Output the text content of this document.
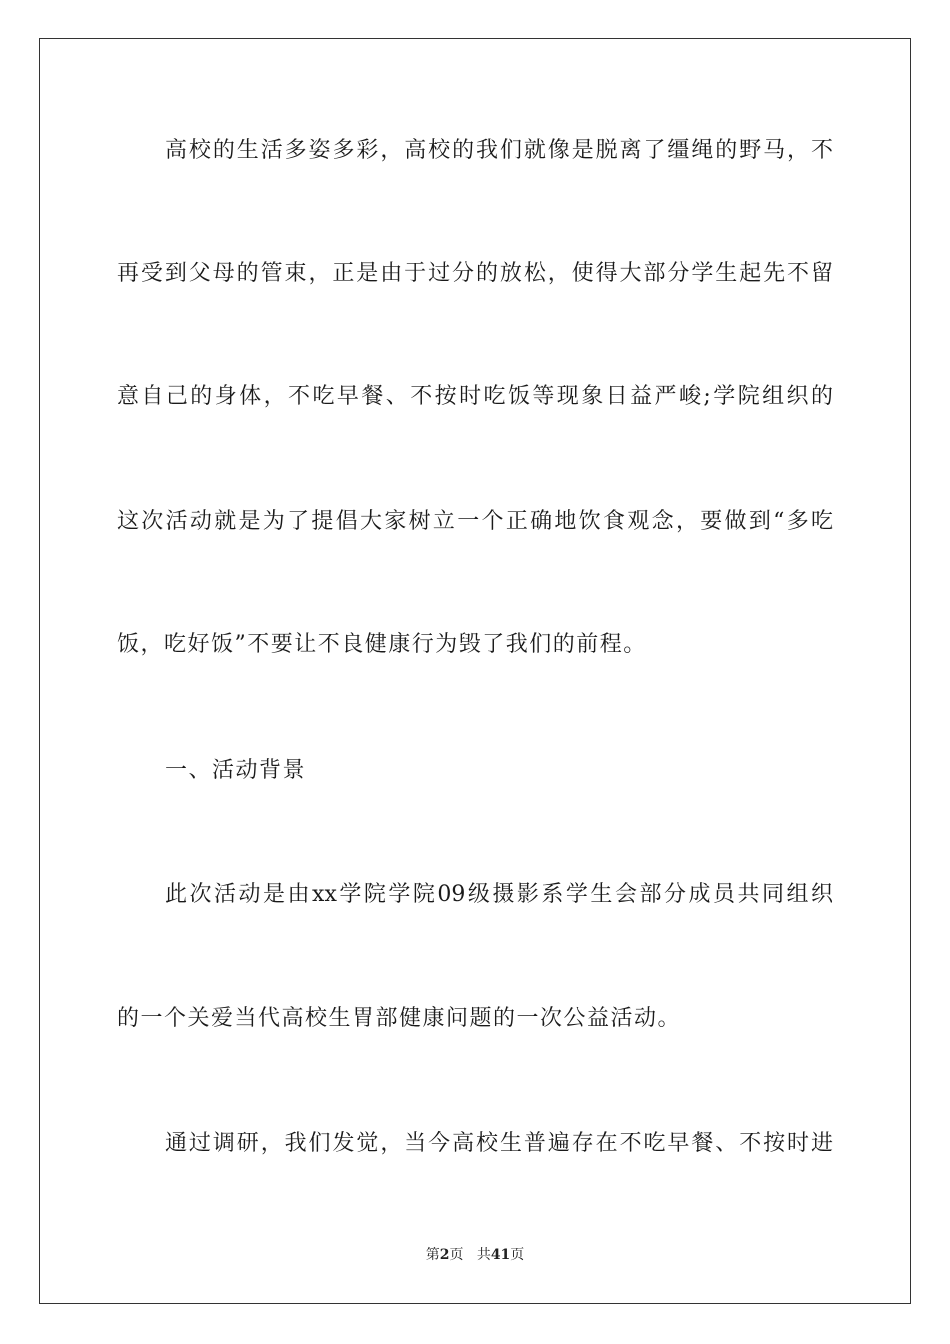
高校的生活多姿多彩，高校的我们就像是脱离了缰绳的野马，不
再受到父母的管束，正是由于过分的放松，使得大部分学生起先不留
意自己的身体，不吃早餐、不按时吃饭等现象日益严峻;学院组织的
这次活动就是为了提倡大家树立一个正确地饮食观念，要做到“多吃
饭，吃好饭”不要让不良健康行为毁了我们的前程。
一、活动背景
此次活动是由xx学院学院09级摄影系学生会部分成员共同组织
的一个关爱当代高校生胃部健康问题的一次公益活动。
通过调研，我们发觉，当今高校生普遍存在不吃早餐、不按时进
第2页 共41页
